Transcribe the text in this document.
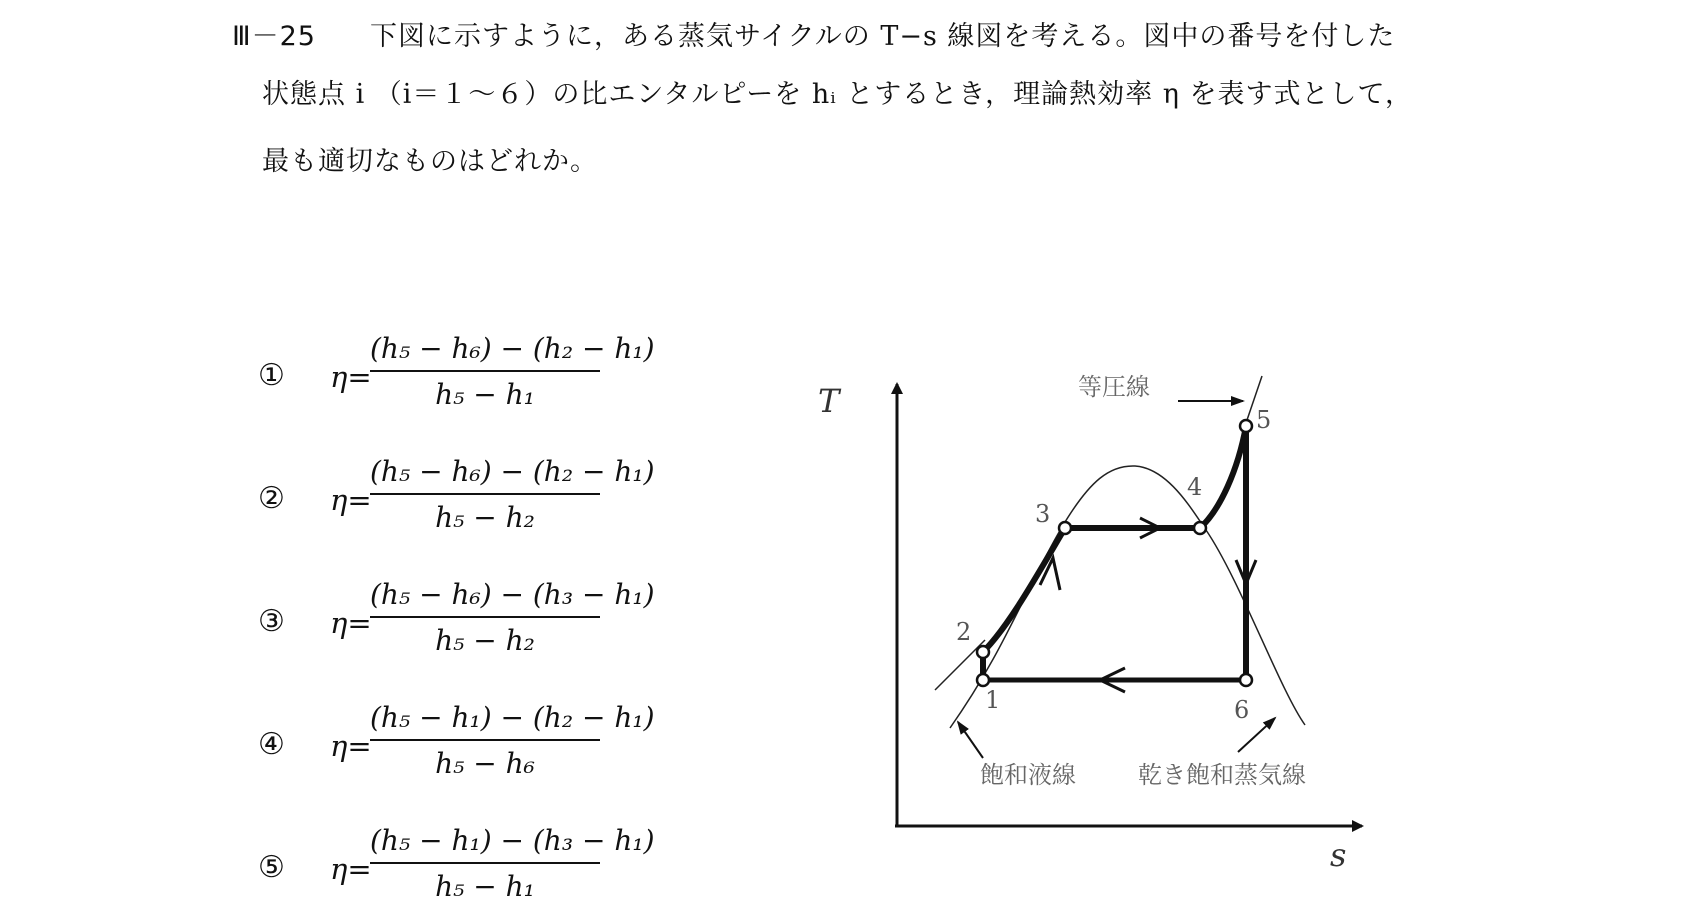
Ⅲ－25 下図に示すように，ある蒸気サイクルの T−s 線図を考える。図中の番号を付した
状態点 i （i＝１～６）の比エンタルピーを hᵢ とするとき，理論熱効率 η を表す式として，
最も適切なものはどれか。
① η=
$\frac{\text{(h₅ − h₆) − (h₂ − h₁)}}{\text{h₅ − h₁}}$
② η=
$\frac{\text{(h₅ − h₆) − (h₂ − h₁)}}{\text{h₅ − h₂}}$
③ η=
$\frac{\text{(h₅ − h₆) − (h₃ − h₁)}}{\text{h₅ − h₂}}$
④ η=
$\frac{\text{(h₅ − h₁) − (h₂ − h₁)}}{\text{h₅ − h₆}}$
⑤ η=
$\frac{\text{(h₅ − h₁) − (h₃ − h₁)}}{\text{h₅ − h₁}}$
T
s
1
2
3
4
5
6
等圧線
飽和液線	乾き飽和蒸気線
